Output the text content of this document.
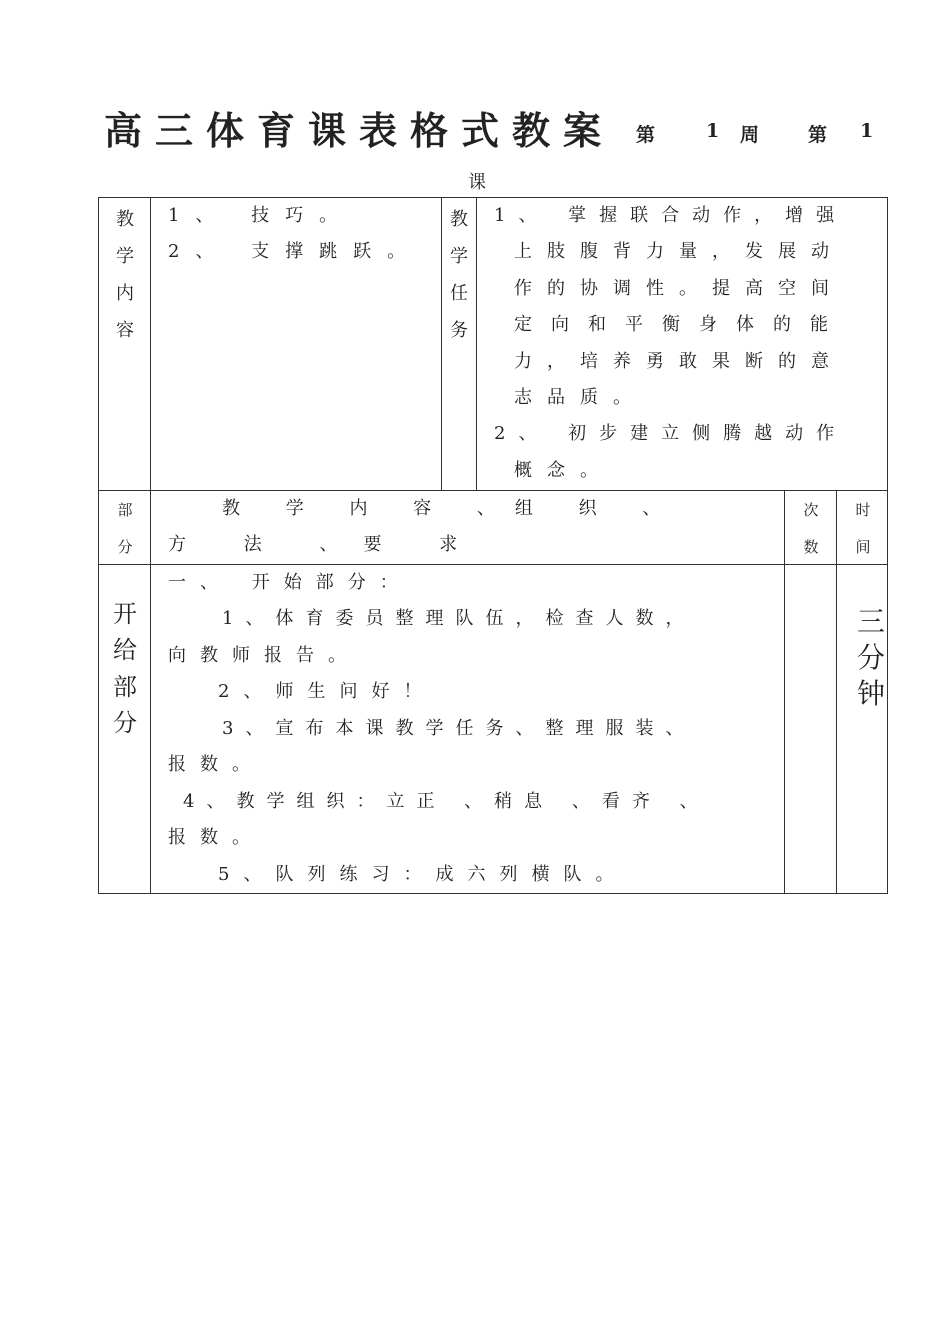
高三体育课表格式教案 第	1 周	第 1
课
教
学
内
容
1、 技巧。
2、 支撑跳跃。
教
学
任
务
1、 掌握联合动作，增强
上肢腹背力量，发展动
作的协调性。提高空间
定向和平衡身体的能
力，培养勇敢果断的意
志品质。
2、 初步建立侧腾越动作
概念。
部
分
教 学 内 容 、组 织 、
方 法 、要 求
次
数
时
间
开
给
部
分
一、 开始部分：
1、体育委员整理队伍，检查人数，
向教师报告。
2、师生问好！
3、宣布本课教学任务、整理服装、
报数。
4、教学组织：立正 、稍息 、看齐 、
报数。
5、队列练习：成六列横队。
三
分
钟
